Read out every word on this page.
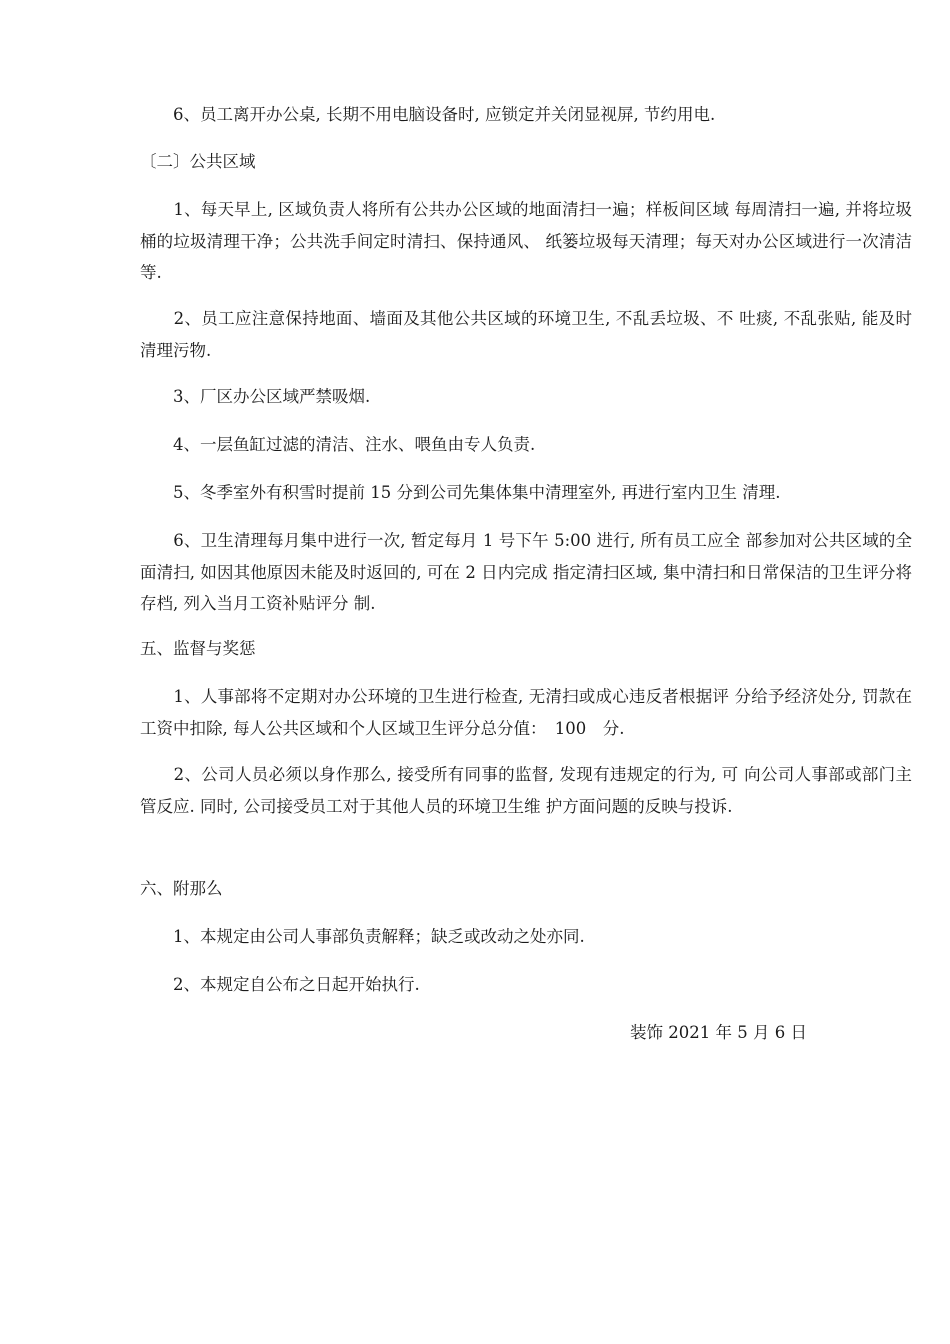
　　6、员工离开办公桌, 长期不用电脑设备时, 应锁定并关闭显视屏, 节约用电.

〔二〕公共区域

　　1、每天早上, 区域负责人将所有公共办公区域的地面清扫一遍；样板间区域 每周清扫一遍, 并将垃圾桶的垃圾清理干净；公共洗手间定时清扫、保持通风、 纸篓垃圾每天清理；每天对办公区域进行一次清洁等.

　　2、员工应注意保持地面、墙面及其他公共区域的环境卫生, 不乱丢垃圾、不 吐痰, 不乱张贴, 能及时清理污物.

　　3、厂区办公区域严禁吸烟.

　　4、一层鱼缸过滤的清洁、注水、喂鱼由专人负责.

　　5、冬季室外有积雪时提前 15 分到公司先集体集中清理室外, 再进行室内卫生 清理.

　　6、卫生清理每月集中进行一次, 暂定每月 1 号下午 5:00 进行, 所有员工应全 部参加对公共区域的全面清扫, 如因其他原因未能及时返回的, 可在 2 日内完成 指定清扫区域, 集中清扫和日常保洁的卫生评分将存档, 列入当月工资补贴评分 制.

五、监督与奖惩

　　1、人事部将不定期对办公环境的卫生进行检查, 无清扫或成心违反者根据评 分给予经济处分, 罚款在工资中扣除, 每人公共区域和个人区域卫生评分总分值：　100　分.

　　2、公司人员必须以身作那么, 接受所有同事的监督, 发现有违规定的行为, 可 向公司人事部或部门主管反应. 同时, 公司接受员工对于其他人员的环境卫生维 护方面问题的反映与投诉.

六、附那么

　　1、本规定由公司人事部负责解释；缺乏或改动之处亦同.

　　2、本规定自公布之日起开始执行.

装饰 2021 年 5 月 6 日
